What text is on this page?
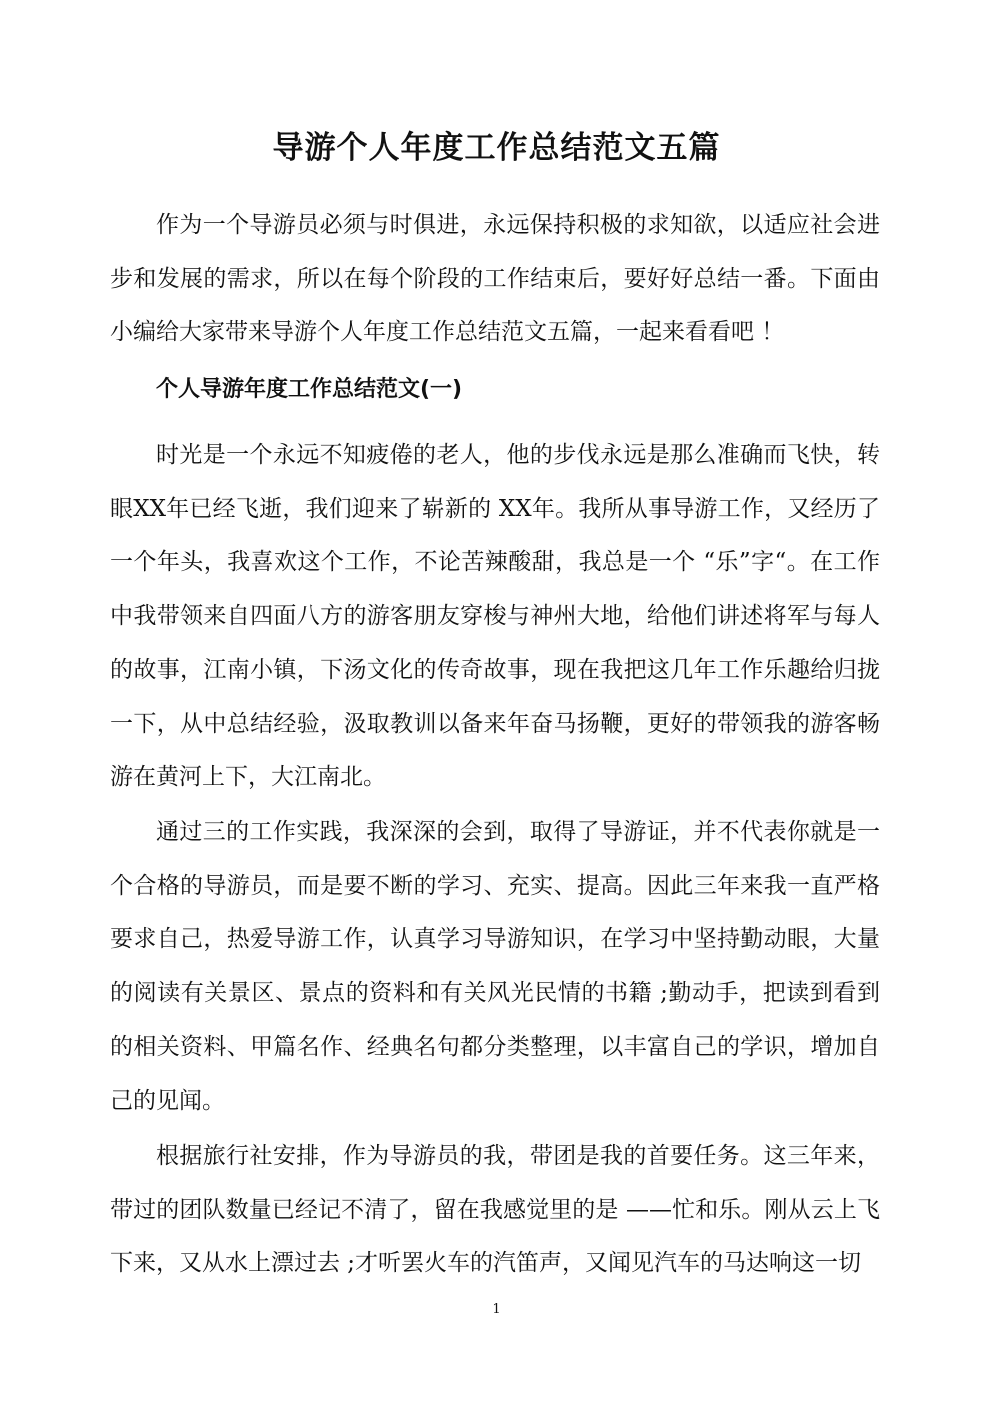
导游个人年度工作总结范文五篇

作为一个导游员必须与时俱进，永远保持积极的求知欲，以适应社会进步和发展的需求，所以在每个阶段的工作结束后，要好好总结一番。下面由小编给大家带来导游个人年度工作总结范文五篇，一起来看看吧 ！

个人导游年度工作总结范文(一)

时光是一个永远不知疲倦的老人，他的步伐永远是那么准确而飞快，转眼XX年已经飞逝，我们迎来了崭新的 XX年。我所从事导游工作，又经历了一个年头，我喜欢这个工作，不论苦辣酸甜，我总是一个 “乐”字“。在工作中我带领来自四面八方的游客朋友穿梭与神州大地，给他们讲述将军与每人的故事，江南小镇，下汤文化的传奇故事，现在我把这几年工作乐趣给归拢一下，从中总结经验，汲取教训以备来年奋马扬鞭，更好的带领我的游客畅游在黄河上下，大江南北。

通过三的工作实践，我深深的会到，取得了导游证，并不代表你就是一个合格的导游员，而是要不断的学习、充实、提高。因此三年来我一直严格要求自己，热爱导游工作，认真学习导游知识，在学习中坚持勤动眼，大量的阅读有关景区、景点的资料和有关风光民情的书籍 ;勤动手，把读到看到的相关资料、甲篇名作、经典名句都分类整理，以丰富自己的学识，增加自己的见闻。

根据旅行社安排，作为导游员的我，带团是我的首要任务。这三年来，带过的团队数量已经记不清了，留在我感觉里的是 ——忙和乐。刚从云上飞下来，又从水上漂过去 ;才听罢火车的汽笛声，又闻见汽车的马达响这一切

1
